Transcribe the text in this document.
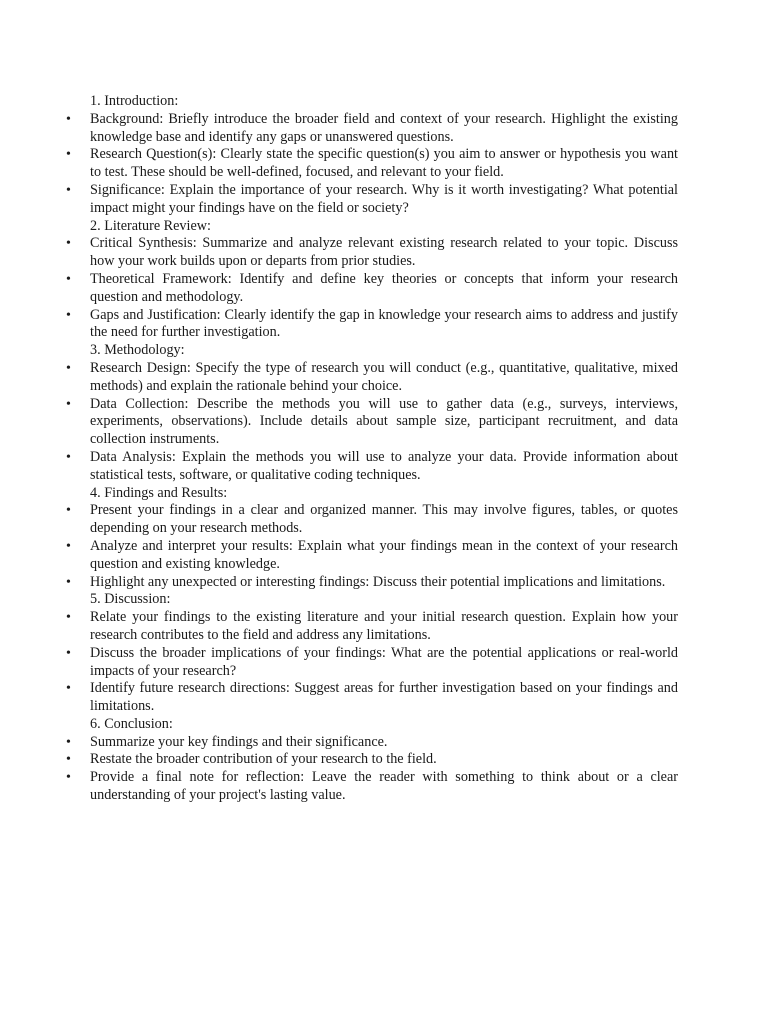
1. Introduction:
• Background: Briefly introduce the broader field and context of your research. Highlight the existing knowledge base and identify any gaps or unanswered questions.
• Research Question(s): Clearly state the specific question(s) you aim to answer or hypothesis you want to test. These should be well-defined, focused, and relevant to your field.
• Significance: Explain the importance of your research. Why is it worth investigating? What potential impact might your findings have on the field or society?
2. Literature Review:
• Critical Synthesis: Summarize and analyze relevant existing research related to your topic. Discuss how your work builds upon or departs from prior studies.
• Theoretical Framework: Identify and define key theories or concepts that inform your research question and methodology.
• Gaps and Justification: Clearly identify the gap in knowledge your research aims to address and justify the need for further investigation.
3. Methodology:
• Research Design: Specify the type of research you will conduct (e.g., quantitative, qualitative, mixed methods) and explain the rationale behind your choice.
• Data Collection: Describe the methods you will use to gather data (e.g., surveys, interviews, experiments, observations). Include details about sample size, participant recruitment, and data collection instruments.
• Data Analysis: Explain the methods you will use to analyze your data. Provide information about statistical tests, software, or qualitative coding techniques.
4. Findings and Results:
• Present your findings in a clear and organized manner. This may involve figures, tables, or quotes depending on your research methods.
• Analyze and interpret your results: Explain what your findings mean in the context of your research question and existing knowledge.
• Highlight any unexpected or interesting findings: Discuss their potential implications and limitations.
5. Discussion:
• Relate your findings to the existing literature and your initial research question. Explain how your research contributes to the field and address any limitations.
• Discuss the broader implications of your findings: What are the potential applications or real-world impacts of your research?
• Identify future research directions: Suggest areas for further investigation based on your findings and limitations.
6. Conclusion:
• Summarize your key findings and their significance.
• Restate the broader contribution of your research to the field.
• Provide a final note for reflection: Leave the reader with something to think about or a clear understanding of your project's lasting value.
